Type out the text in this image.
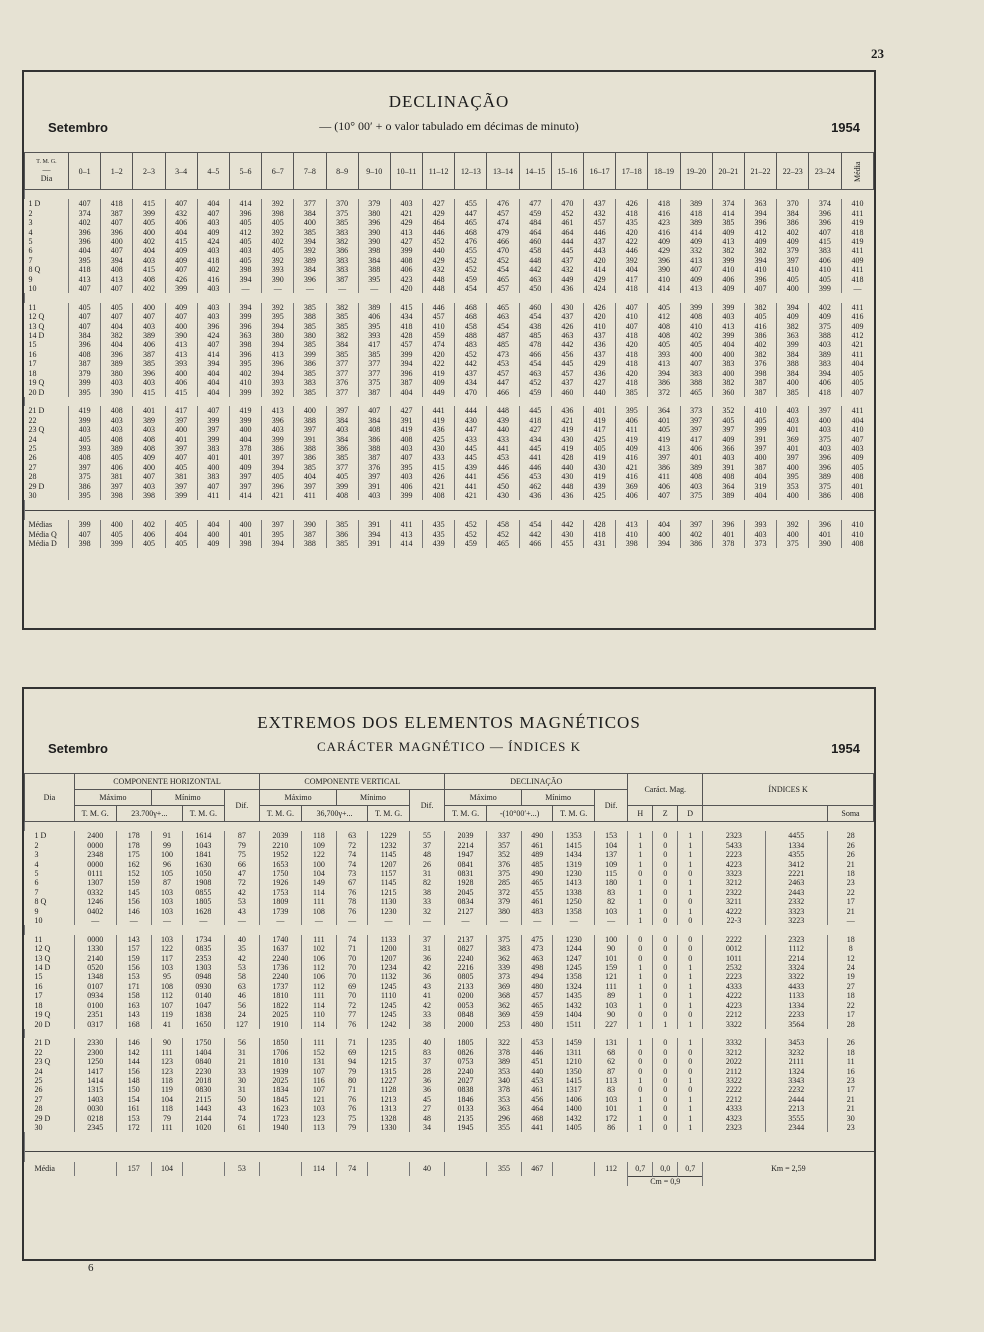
23
DECLINAÇÃO
Setembro	— (10° 00′ + o valor tabulado em décimas de minuto)	1954
T. M. G.
—
Dia	0–1	1–2	2–3	3–4	4–5	5–6	6–7	7–8	8–9	9–10	10–11	11–12	12–13	13–14	14–15	15–16	16–17	17–18	18–19	19–20	20–21	21–22	22–23	23–24	Média

1 D	407	418	415	407	404	414	392	377	370	379	403	427	455	476	477	470	437	426	418	389	374	363	370	374	410
2	374	387	399	432	407	396	398	384	375	380	421	429	447	457	459	452	432	418	416	418	414	394	384	396	411
3	402	407	405	406	403	405	405	400	385	396	429	464	465	474	484	461	457	435	423	389	385	396	386	396	419
4	396	396	400	404	409	412	392	385	383	390	413	446	468	479	464	464	446	420	416	414	409	412	402	407	418
5	396	400	402	415	424	405	402	394	382	390	427	452	476	466	460	444	437	422	409	409	413	409	409	415	419
6	404	407	404	409	403	403	405	392	386	398	399	440	455	470	458	445	443	446	429	332	382	382	379	383	411
7	395	394	403	409	418	405	392	389	383	384	408	429	452	452	448	437	420	392	396	413	399	394	397	406	409
8 Q	418	408	415	407	402	398	393	384	383	388	406	432	452	454	442	432	414	404	390	407	410	410	410	410	411
9	413	413	408	426	416	394	390	396	387	395	423	448	459	465	463	449	429	417	410	409	406	396	405	405	418
10	407	407	402	399	403	—	—	—	—	—	420	448	454	457	450	436	424	418	414	413	409	407	400	399	—

11	405	405	400	409	403	394	392	385	382	389	415	446	468	465	460	430	426	407	405	399	399	382	394	402	411
12 Q	407	407	407	407	403	399	395	388	385	406	434	457	468	463	454	437	420	410	412	408	403	405	409	409	416
13 Q	407	404	403	400	396	396	394	385	385	395	418	410	458	454	438	426	410	407	408	410	413	416	382	375	409
14 D	384	382	389	390	424	363	380	380	382	393	428	459	488	487	485	463	437	418	408	402	399	386	363	388	412
15	396	404	406	413	407	398	394	385	384	417	457	474	483	485	478	442	436	420	405	405	404	402	399	403	421
16	408	396	387	413	414	396	413	399	385	385	399	420	452	473	466	456	437	418	393	400	400	382	384	389	411
17	387	389	385	393	394	395	396	386	377	377	394	422	442	453	454	445	429	418	413	407	383	376	388	383	404
18	379	380	396	400	404	402	394	385	377	377	396	419	437	457	463	457	436	420	394	383	400	398	384	394	405
19 Q	399	403	403	406	404	410	393	383	376	375	387	409	434	447	452	437	427	418	386	388	382	387	400	406	405
20 D	395	390	415	415	404	399	392	385	377	387	404	449	470	466	459	460	440	385	372	465	360	387	385	418	407

21 D	419	408	401	417	407	419	413	400	397	407	427	441	444	448	445	436	401	395	364	373	352	410	403	397	411
22	399	403	389	397	399	399	396	388	384	384	391	419	430	439	418	421	419	406	401	397	405	405	403	400	404
23 Q	403	403	403	400	397	400	403	397	403	408	419	436	447	440	427	419	417	411	405	397	397	399	401	403	410
24	405	408	408	401	399	404	399	391	384	386	408	425	433	433	434	430	425	419	419	417	409	391	369	375	407
25	393	389	408	397	383	378	386	388	386	388	403	430	445	441	445	419	405	409	413	406	366	397	401	403	403
26	408	405	409	407	401	401	397	386	385	387	407	433	445	453	441	428	419	416	397	401	403	400	397	396	409
27	397	406	400	405	400	409	394	385	377	376	395	415	439	446	446	440	430	421	386	389	391	387	400	396	405
28	375	381	407	381	383	397	405	404	405	397	403	426	441	456	453	430	419	416	411	408	408	404	395	389	408
29 D	386	397	403	397	407	397	396	397	399	391	406	421	441	450	462	448	439	369	406	403	364	319	353	375	401
30	395	398	398	399	411	414	421	411	408	403	399	408	421	430	436	436	425	406	407	375	389	404	400	386	408

Médias	399	400	402	405	404	400	397	390	385	391	411	435	452	458	454	442	428	413	404	397	396	393	392	396	410
Média Q	407	405	406	404	400	401	395	387	386	394	413	435	452	452	442	430	418	410	400	402	401	403	400	401	410
Média D	398	399	405	405	409	398	394	388	385	391	414	439	459	465	466	455	431	398	394	386	378	373	375	390	408
EXTREMOS DOS ELEMENTOS MAGNÉTICOS
Setembro	CARÁCTER MAGNÉTICO — ÍNDICES K	1954
Dia	COMPONENTE HORIZONTAL					COMPONENTE VERTICAL					DECLINAÇÃO					Caráct. Mag.			ÍNDICES K		
	Máximo		Mínimo		Dif.	Máximo		Mínimo		Dif.	Máximo		Mínimo		Dif.						
	T. M. G.	23.700γ+...		T. M. G.		T. M. G.	36,700γ+...		T. M. G.		T. M. G.	-(10°00′+...)		T. M. G.		H	Z	D			Soma

1 D	2400	178	91	1614	87	2039	118	63	1229	55	2039	337	490	1353	153	1	0	1	2323	4455	28
2	0000	178	99	1043	79	2210	109	72	1232	37	2214	357	461	1415	104	1	0	1	5433	1334	26
3	2348	175	100	1841	75	1952	122	74	1145	48	1947	352	489	1434	137	1	0	1	2223	4355	26
4	0000	162	96	1630	66	1653	100	74	1207	26	0841	376	485	1319	109	1	0	1	4223	3412	21
5	0111	152	105	1050	47	1750	104	73	1157	31	0831	375	490	1230	115	0	0	0	3323	2221	18
6	1307	159	87	1908	72	1926	149	67	1145	82	1928	285	465	1413	180	1	0	1	3212	2463	23
7	0332	145	103	0855	42	1753	114	76	1215	38	2045	372	455	1338	83	1	0	1	2322	2443	22
8 Q	1246	156	103	1805	53	1809	111	78	1130	33	0834	379	461	1250	82	1	0	0	3211	2332	17
9	0402	146	103	1628	43	1739	108	76	1230	32	2127	380	483	1358	103	1	0	1	4222	3323	21
10	—	—	—	—	—	—	—	—	—	—	—	—	—	—	—	1	0	0	22-3	3223	—

11	0000	143	103	1734	40	1740	111	74	1133	37	2137	375	475	1230	100	0	0	0	2222	2323	18
12 Q	1330	157	122	0835	35	1637	102	71	1200	31	0827	383	473	1244	90	0	0	0	0012	1112	8
13 Q	2140	159	117	2353	42	2240	106	70	1207	36	2240	362	463	1247	101	0	0	0	1011	2214	12
14 D	0520	156	103	1303	53	1736	112	70	1234	42	2216	339	498	1245	159	1	0	1	2532	3324	24
15	1348	153	95	0948	58	2240	106	70	1132	36	0805	373	494	1358	121	1	0	1	2223	3322	19
16	0107	171	108	0930	63	1737	112	69	1245	43	2133	369	480	1324	111	1	0	1	4333	4433	27
17	0934	158	112	0140	46	1810	111	70	1110	41	0200	368	457	1435	89	1	0	1	4222	1133	18
18	0100	163	107	1047	56	1822	114	72	1245	42	0053	362	465	1432	103	1	0	1	4223	1334	22
19 Q	2351	143	119	1838	24	2025	110	77	1245	33	0848	369	459	1404	90	0	0	0	2212	2233	17
20 D	0317	168	41	1650	127	1910	114	76	1242	38	2000	253	480	1511	227	1	1	1	3322	3564	28

21 D	2330	146	90	1750	56	1850	111	71	1235	40	1805	322	453	1459	131	1	0	1	3332	3453	26
22	2300	142	111	1404	31	1706	152	69	1215	83	0826	378	446	1311	68	0	0	0	3212	3232	18
23 Q	1250	144	123	0840	21	1810	131	94	1215	37	0753	389	451	1210	62	0	0	0	2022	2111	11
24	1417	156	123	2230	33	1939	107	79	1315	28	2240	353	440	1350	87	0	0	0	2112	1324	16
25	1414	148	118	2018	30	2025	116	80	1227	36	2027	340	453	1415	113	1	0	1	3322	3343	23
26	1315	150	119	0830	31	1834	107	71	1128	36	0838	378	461	1317	83	0	0	0	2222	2232	17
27	1403	154	104	2115	50	1845	121	76	1213	45	1846	353	456	1406	103	1	0	1	2212	2444	21
28	0030	161	118	1443	43	1623	103	76	1313	27	0133	363	464	1400	101	1	0	1	4333	2213	21
29 D	0218	153	79	2144	74	1723	123	75	1328	48	2135	296	468	1432	172	1	0	1	4323	3555	30
30	2345	172	111	1020	61	1940	113	79	1330	34	1945	355	441	1405	86	1	0	1	2323	2344	23

Média		157	104		53		114	74		40		355	467		112	0,7	0,0	0,7	Km = 2,59		
																Cm = 0,9					
6
